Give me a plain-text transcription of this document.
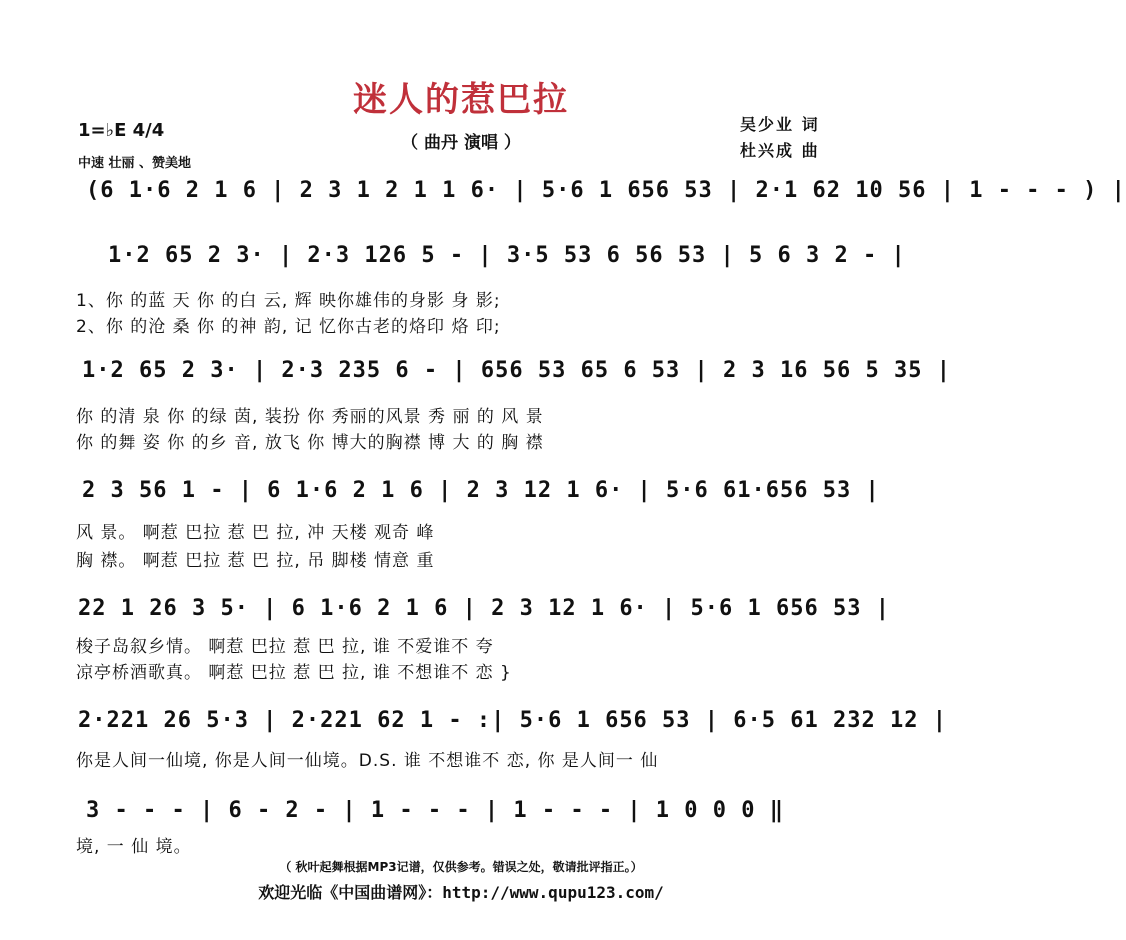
迷人的惹巴拉
（ 曲丹 演唱 ）
1=♭E 4/4
中速 壮丽 、赞美地
吴少业 词
杜兴成 曲
(6 1·6 2 1 6 | 2 3 1 2 1 1 6· | 5·6 1 656 53 | 2·1 62 10 56 | 1 - - - ) |
1·2 65 2 3· | 2·3 126 5 - | 3·5 53 6 56 53 | 5 6 3 2 - |
1、你 的蓝 天 你 的白 云, 辉 映你雄伟的身影 身 影;
2、你 的沧 桑 你 的神 韵, 记 忆你古老的烙印 烙 印;
1·2 65 2 3· | 2·3 235 6 - | 656 53 65 6 53 | 2 3 16 56 5 35 |
你 的清 泉 你 的绿 茵, 装扮 你 秀丽的风景 秀 丽 的 风 景
你 的舞 姿 你 的乡 音, 放飞 你 博大的胸襟 博 大 的 胸 襟
2 3 56 1 - | 6 1·6 2 1 6 | 2 3 12 1 6· | 5·6 61·656 53 |
风 景。 啊惹 巴拉 惹 巴 拉, 冲 天楼 观奇 峰
胸 襟。 啊惹 巴拉 惹 巴 拉, 吊 脚楼 情意 重
22 1 26 3 5· | 6 1·6 2 1 6 | 2 3 12 1 6· | 5·6 1 656 53 |
梭子岛叙乡情。 啊惹 巴拉 惹 巴 拉, 谁 不爱谁不 夸
凉亭桥酒歌真。 啊惹 巴拉 惹 巴 拉, 谁 不想谁不 恋 }
2·221 26 5·3 | 2·221 62 1 - :| 5·6 1 656 53 | 6·5 61 232 12 |
你是人间一仙境, 你是人间一仙境。D.S. 谁 不想谁不 恋, 你 是人间一 仙
3 - - - | 6 - 2 - | 1 - - - | 1 - - - | 1 0 0 0 ‖
境, 一 仙 境。
（ 秋叶起舞根据MP3记谱，仅供参考。错误之处，敬请批评指正。）
欢迎光临《中国曲谱网》：http://www.qupu123.com/
